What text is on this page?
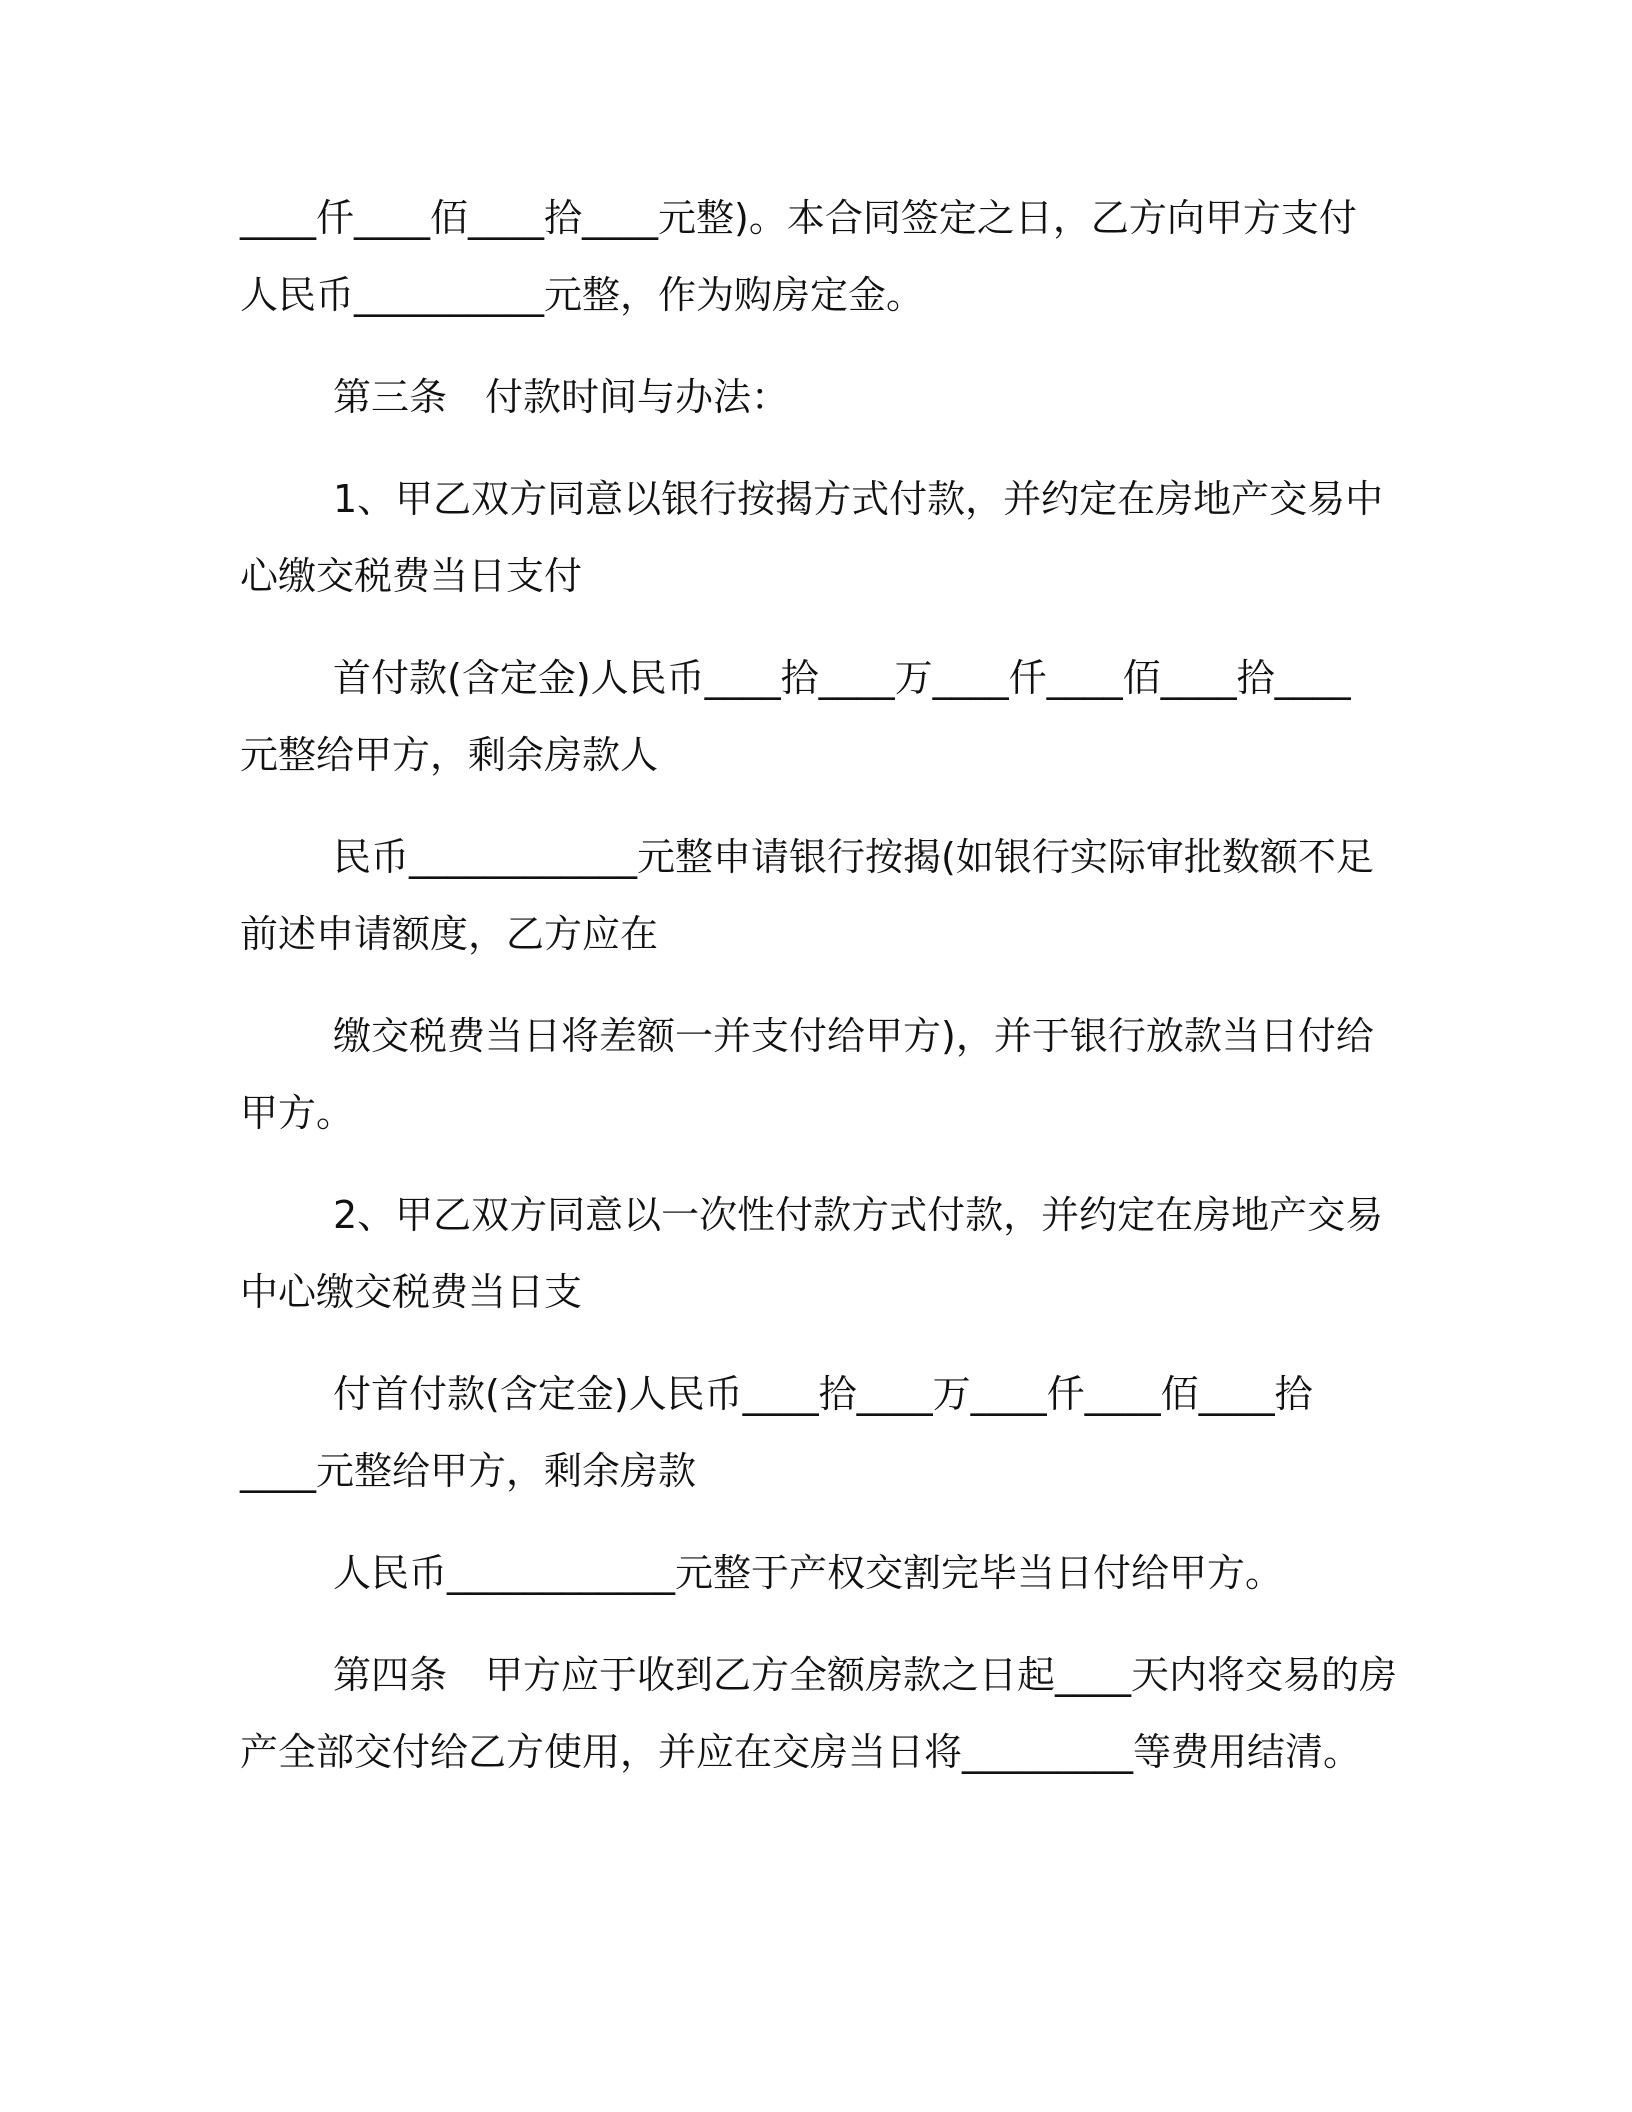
____仟____佰____拾____元整)。本合同签定之日，乙方向甲方支付
人民币__________元整，作为购房定金。
第三条　付款时间与办法：
1、甲乙双方同意以银行按揭方式付款，并约定在房地产交易中
心缴交税费当日支付
首付款(含定金)人民币____拾____万____仟____佰____拾____
元整给甲方，剩余房款人
民币____________元整申请银行按揭(如银行实际审批数额不足
前述申请额度，乙方应在
缴交税费当日将差额一并支付给甲方)，并于银行放款当日付给
甲方。
2、甲乙双方同意以一次性付款方式付款，并约定在房地产交易
中心缴交税费当日支
付首付款(含定金)人民币____拾____万____仟____佰____拾
____元整给甲方，剩余房款
人民币____________元整于产权交割完毕当日付给甲方。
第四条　甲方应于收到乙方全额房款之日起____天内将交易的房
产全部交付给乙方使用，并应在交房当日将_________等费用结清。
